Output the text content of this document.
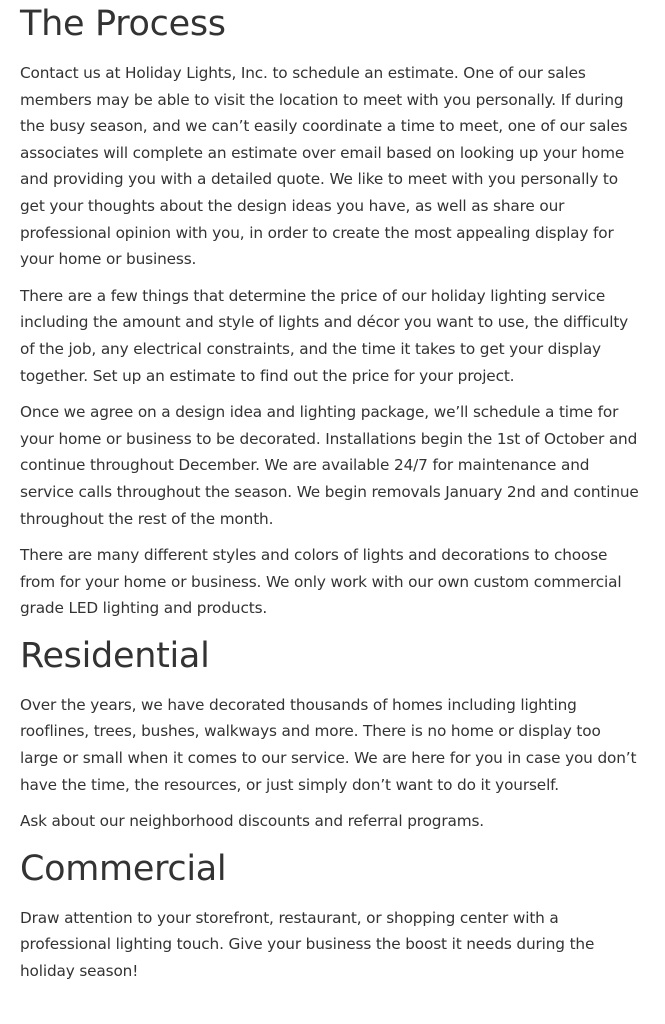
The Process

Contact us at Holiday Lights, Inc. to schedule an estimate. One of our sales members may be able to visit the location to meet with you personally. If during the busy season, and we can’t easily coordinate a time to meet, one of our sales associates will complete an estimate over email based on looking up your home and providing you with a detailed quote. We like to meet with you personally to get your thoughts about the design ideas you have, as well as share our professional opinion with you, in order to create the most appealing display for your home or business.

There are a few things that determine the price of our holiday lighting service including the amount and style of lights and décor you want to use, the difficulty of the job, any electrical constraints, and the time it takes to get your display together. Set up an estimate to find out the price for your project.

Once we agree on a design idea and lighting package, we’ll schedule a time for your home or business to be decorated. Installations begin the 1st of October and continue throughout December. We are available 24/7 for maintenance and service calls throughout the season. We begin removals January 2nd and continue throughout the rest of the month.

There are many different styles and colors of lights and decorations to choose from for your home or business. We only work with our own custom commercial grade LED lighting and products.

Residential

Over the years, we have decorated thousands of homes including lighting rooflines, trees, bushes, walkways and more. There is no home or display too large or small when it comes to our service. We are here for you in case you don’t have the time, the resources, or just simply don’t want to do it yourself.

Ask about our neighborhood discounts and referral programs.

Commercial

Draw attention to your storefront, restaurant, or shopping center with a professional lighting touch. Give your business the boost it needs during the holiday season!
